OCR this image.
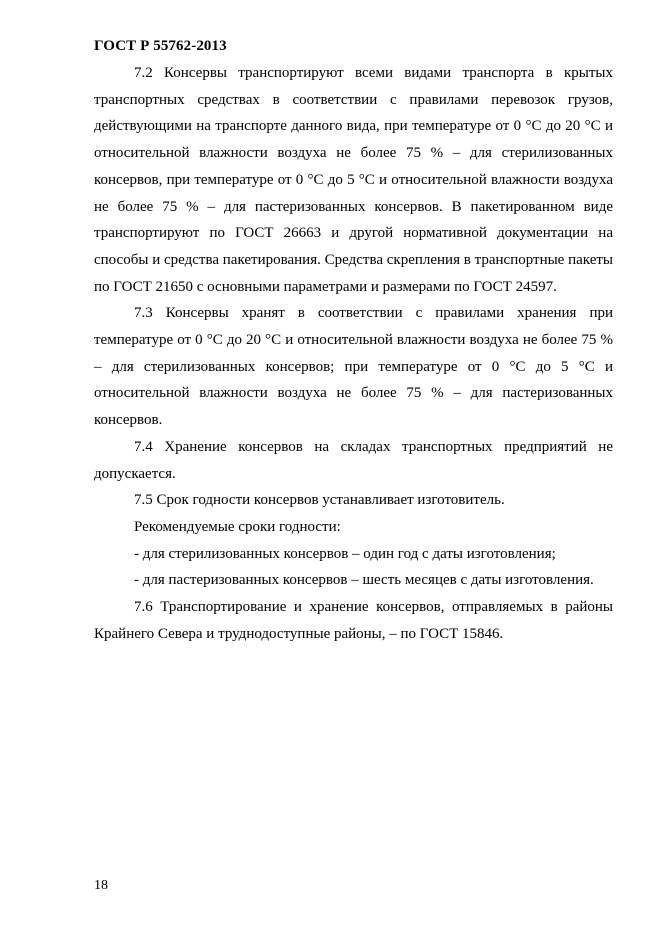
ГОСТ Р 55762-2013

7.2 Консервы транспортируют всеми видами транспорта в крытых транспортных средствах в соответствии с правилами перевозок грузов, действующими на транспорте данного вида, при температуре от 0 °С до 20 °С и относительной влажности воздуха не более 75 % – для стерилизованных консервов, при температуре от 0 °С до 5 °С и относительной влажности воздуха не более 75 % – для пастеризованных консервов. В пакетированном виде транспортируют по ГОСТ 26663 и другой нормативной документации на способы и средства пакетирования. Средства скрепления в транспортные пакеты по ГОСТ 21650 с основными параметрами и размерами по ГОСТ 24597.

7.3 Консервы хранят в соответствии с правилами хранения при температуре от 0 °С до 20 °С и относительной влажности воздуха не более 75 % – для стерилизованных консервов; при температуре от 0 °С до 5 °С и относительной влажности воздуха не более 75 % – для пастеризованных консервов.

7.4 Хранение консервов на складах транспортных предприятий не допускается.

7.5 Срок годности консервов устанавливает изготовитель.

Рекомендуемые сроки годности:

- для стерилизованных консервов – один год с даты изготовления;

- для пастеризованных консервов – шесть месяцев с даты изготовления.

7.6 Транспортирование и хранение консервов, отправляемых в районы Крайнего Севера и труднодоступные районы, – по ГОСТ 15846.

18
